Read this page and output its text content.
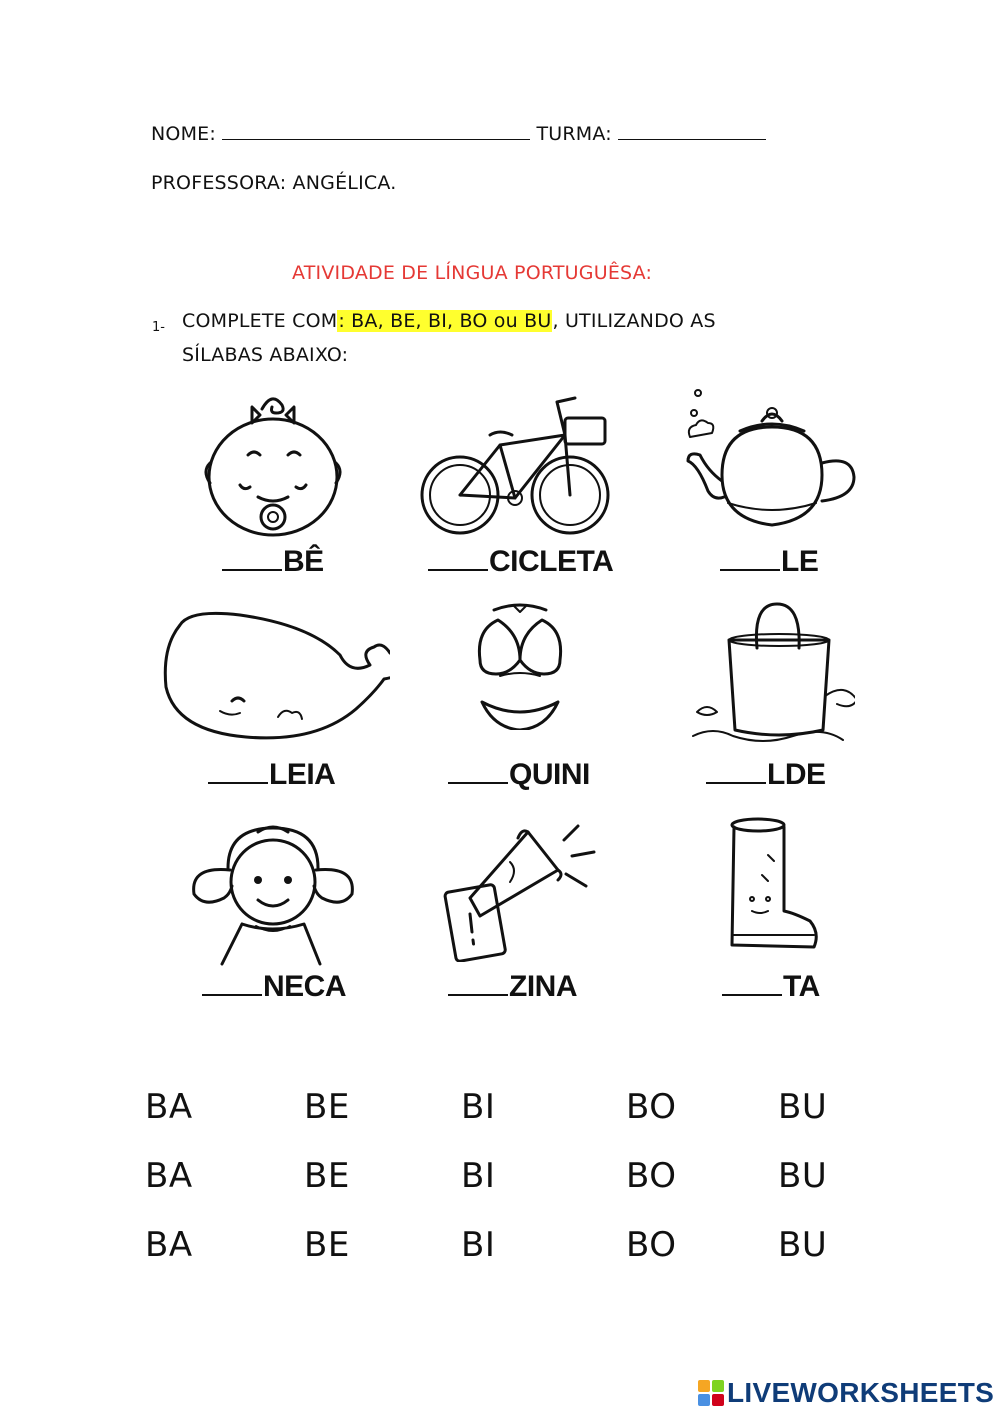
NOME:	TURMA:
PROFESSORA: ANGÉLICA.
ATIVIDADE DE LÍNGUA PORTUGUÊSA:
1- COMPLETE COM: BA, BE, BI, BO ou BU, UTILIZANDO AS
SÍLABAS ABAIXO:
BÊ	CICLETA	LE
LEIA	QUINI	LDE
NECA	ZINA	TA
BA	BE	BI	BO	BU
BA	BE	BI	BO	BU
BA	BE	BI	BO	BU
LIVEWORKSHEETS
